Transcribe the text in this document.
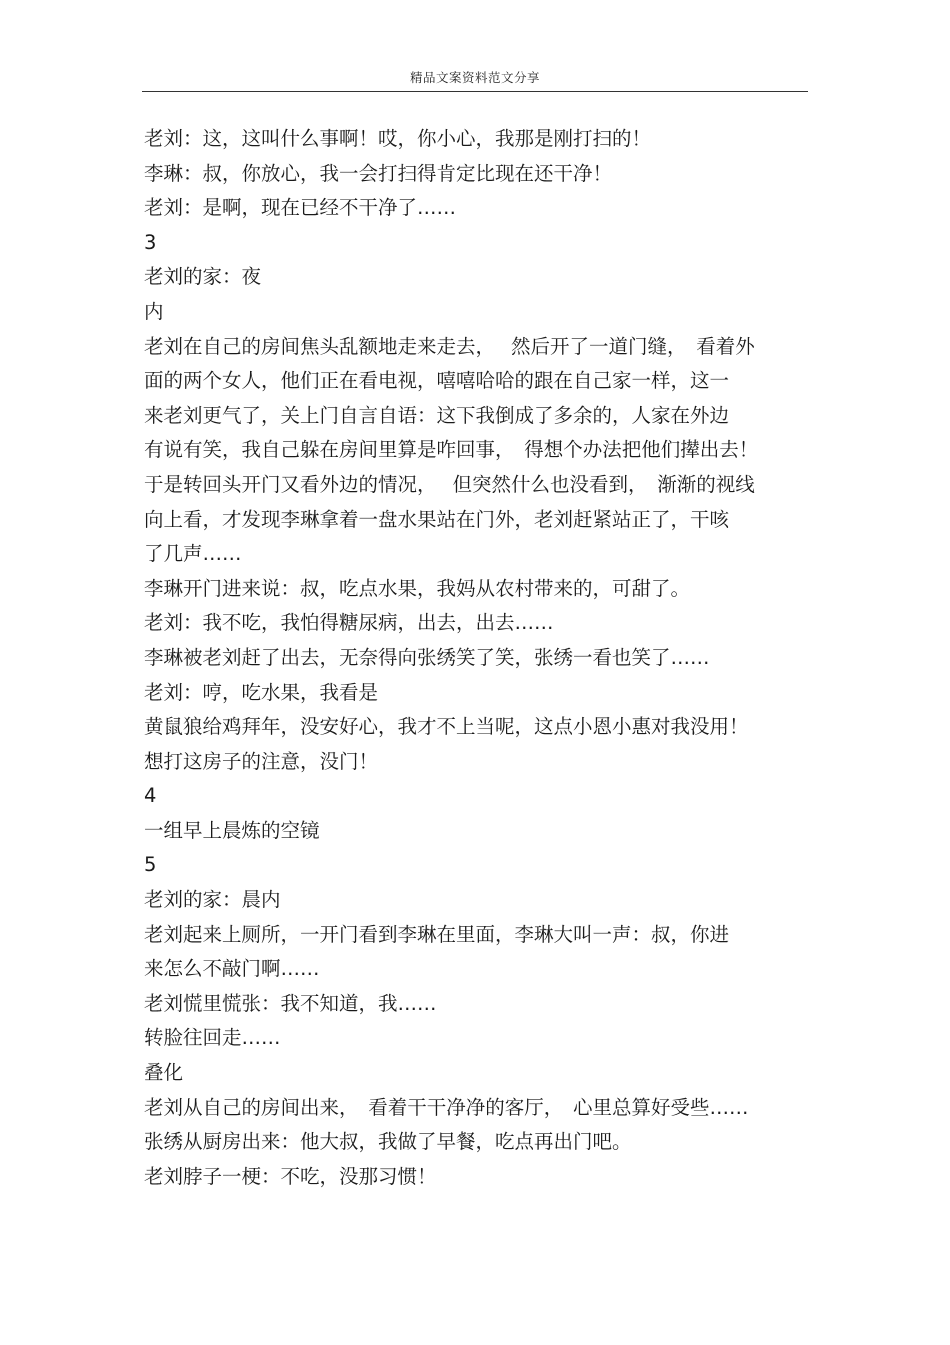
精品文案资料范文分享
老刘：这，这叫什么事啊！哎，你小心，我那是刚打扫的！
李琳：叔，你放心，我一会打扫得肯定比现在还干净！
老刘：是啊，现在已经不干净了……
3
老刘的家：夜
内
老刘在自己的房间焦头乱额地走来走去，　 然后开了一道门缝，　看着外
面的两个女人，他们正在看电视，嘻嘻哈哈的跟在自己家一样，这一
来老刘更气了，关上门自言自语：这下我倒成了多余的，人家在外边
有说有笑，我自己躲在房间里算是咋回事，　得想个办法把他们撵出去！
于是转回头开门又看外边的情况，　 但突然什么也没看到，　渐渐的视线
向上看，才发现李琳拿着一盘水果站在门外，老刘赶紧站正了，干咳
了几声……
李琳开门进来说：叔，吃点水果，我妈从农村带来的，可甜了。
老刘：我不吃，我怕得糖尿病，出去，出去……
李琳被老刘赶了出去，无奈得向张绣笑了笑，张绣一看也笑了……
老刘：哼，吃水果，我看是
黄鼠狼给鸡拜年，没安好心，我才不上当呢，这点小恩小惠对我没用！
想打这房子的注意，没门！
4
一组早上晨炼的空镜
5
老刘的家：晨内
老刘起来上厕所，一开门看到李琳在里面，李琳大叫一声：叔，你进
来怎么不敲门啊……
老刘慌里慌张：我不知道，我……
转脸往回走……
叠化
老刘从自己的房间出来，　看着干干净净的客厅，　心里总算好受些……
张绣从厨房出来：他大叔，我做了早餐，吃点再出门吧。
老刘脖子一梗：不吃，没那习惯！
